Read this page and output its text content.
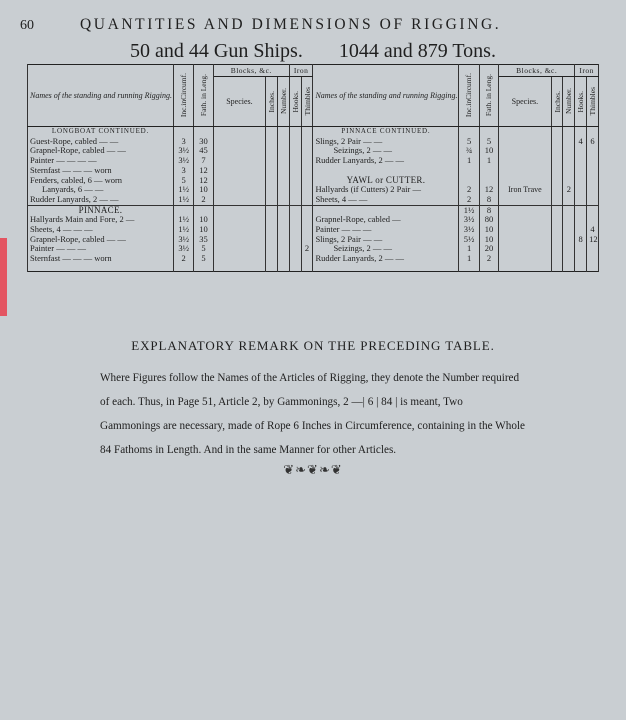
60	QUANTITIES AND DIMENSIONS OF RIGGING.
50 and 44 Gun Ships. 1044 and 879 Tons.
Names of the standing and running Rigging.	Inc.inCircumf.	Fath. in Leng.	Blocks, &c.			Iron		Names of the standing and running Rigging.	Inc.inCircumf.	Fath. in Leng.	Blocks, &c.			Iron	
			Species.	Inches.	Number.	Hooks.	Thimbles				Species.	Inches.	Number.	Hooks.	Thimbles

LONGBOAT CONTINUED.								PINNACE CONTINUED.							
Guest-Rope, cabled — —	3	30						Slings, 2 Pair — —	5	5				4	6
Grapnel-Rope, cabled — —	3½	45						Seizings, 2 — —	¾	10					
Painter — — — —	3½	7						Rudder Lanyards, 2 — —	1	1					
Sternfast — — — worn	3	12													
Fenders, cabled, 6 — worn	5	12						YAWL or CUTTER.							
Lanyards, 6 — —	1½	10						Hallyards (if Cutters) 2 Pair —	2	12	Iron Trave		2		
Rudder Lanyards, 2 — —	1½	2						Sheets, 4 — —	2	8					
PINNACE.									1½	8					
Hallyards Main and Fore, 2 —	1½	10						Grapnel-Rope, cabled —	3½	80					
Sheets, 4 — — —	1½	10						Painter — — —	3½	10					4
Grapnel-Rope, cabled — —	3½	35						Slings, 2 Pair — —	5½	10				8	12
Painter — — —	3½	5					2	Seizings, 2 — —	1	20					
Sternfast — — — worn	2	5						Rudder Lanyards, 2 — —	1	2					

EXPLANATORY REMARK ON THE PRECEDING TABLE.
Where Figures follow the Names of the Articles of Rigging, they denote the Number required
of each. Thus, in Page 51, Article 2, by Gammonings, 2 —| 6 | 84 | is meant, Two
Gammonings are necessary, made of Rope 6 Inches in Circumference, containing in the Whole
84 Fathoms in Length. And in the same Manner for other Articles.
❦❧❦❧❦
